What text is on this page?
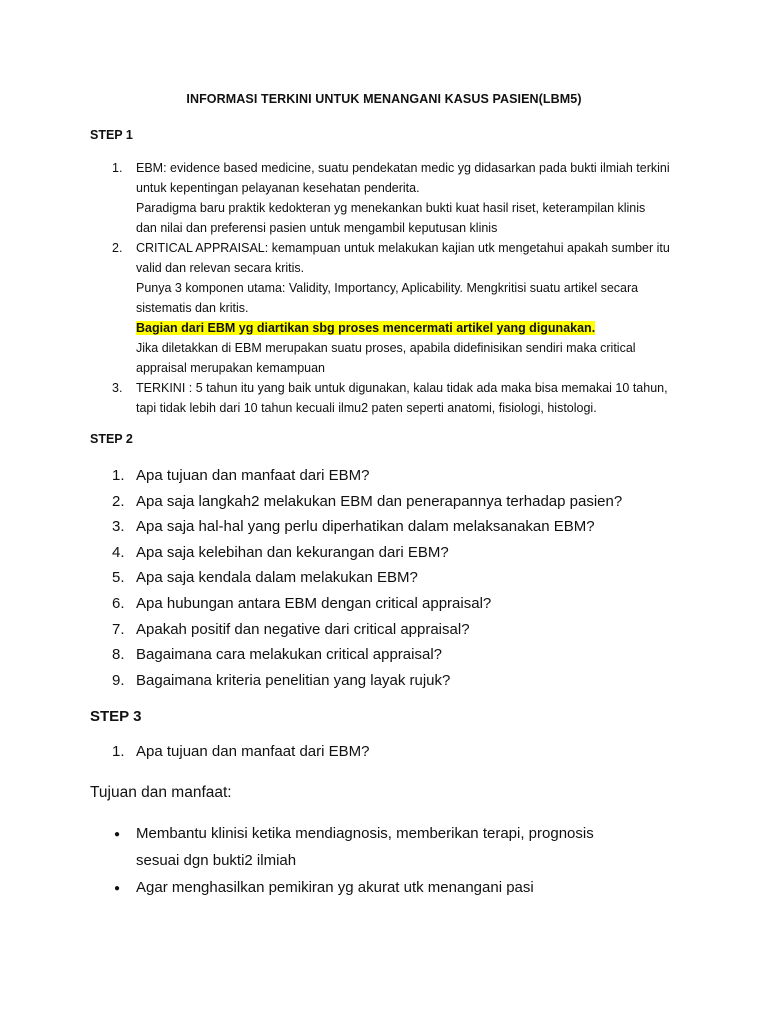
INFORMASI TERKINI UNTUK MENANGANI KASUS PASIEN(LBM5)
STEP 1
1. EBM: evidence based medicine, suatu pendekatan medic yg didasarkan pada bukti ilmiah terkini
untuk kepentingan pelayanan kesehatan penderita.
Paradigma baru praktik kedokteran yg menekankan bukti kuat hasil riset, keterampilan klinis
dan nilai dan preferensi pasien untuk mengambil keputusan klinis
2. CRITICAL APPRAISAL: kemampuan untuk melakukan kajian utk mengetahui apakah sumber itu
valid dan relevan secara kritis.
Punya 3 komponen utama: Validity, Importancy, Aplicability. Mengkritisi suatu artikel secara
sistematis dan kritis.
Bagian dari EBM yg diartikan sbg proses mencermati artikel yang digunakan.
Jika diletakkan di EBM merupakan suatu proses, apabila didefinisikan sendiri maka critical
appraisal merupakan kemampuan
3. TERKINI : 5 tahun itu yang baik untuk digunakan, kalau tidak ada maka bisa memakai 10 tahun,
tapi tidak lebih dari 10 tahun kecuali ilmu2 paten seperti anatomi, fisiologi, histologi.
STEP 2
1. Apa tujuan dan manfaat dari EBM?
2. Apa saja langkah2 melakukan EBM dan penerapannya terhadap pasien?
3. Apa saja hal-hal yang perlu diperhatikan dalam melaksanakan EBM?
4. Apa saja kelebihan dan kekurangan dari EBM?
5. Apa saja kendala dalam melakukan EBM?
6. Apa hubungan antara EBM dengan critical appraisal?
7. Apakah positif dan negative dari critical appraisal?
8. Bagaimana cara melakukan critical appraisal?
9. Bagaimana kriteria penelitian yang layak rujuk?
STEP 3
1. Apa tujuan dan manfaat dari EBM?
Tujuan dan manfaat:
● Membantu klinisi ketika mendiagnosis, memberikan terapi, prognosis
sesuai dgn bukti2 ilmiah
● Agar menghasilkan pemikiran yg akurat utk menangani pasi
